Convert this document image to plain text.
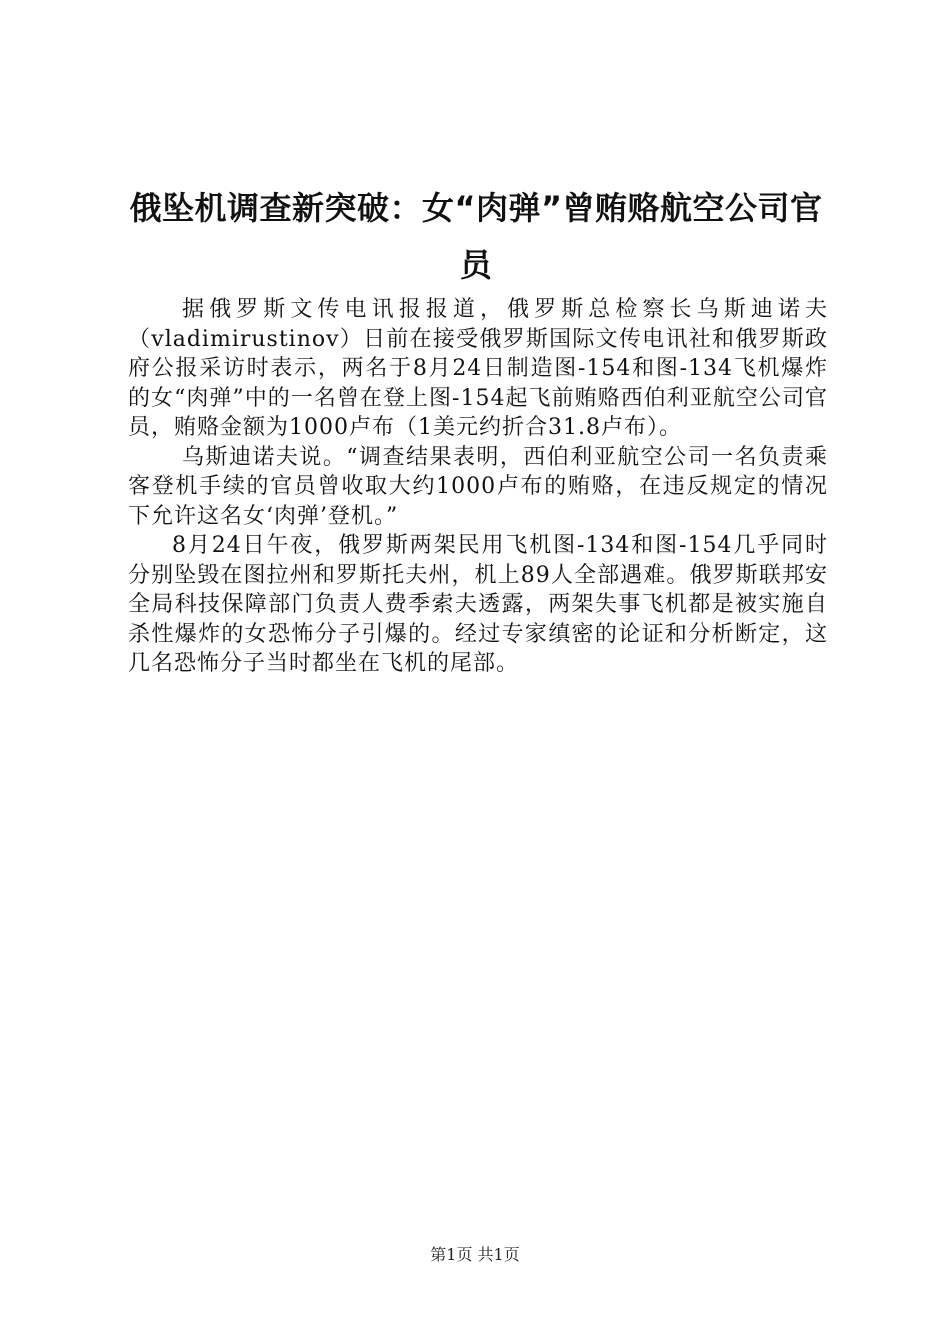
俄坠机调查新突破：女“肉弹”曾贿赂航空公司官员

据俄罗斯文传电讯报报道，俄罗斯总检察长乌斯迪诺夫（vladimirustinov）日前在接受俄罗斯国际文传电讯社和俄罗斯政府公报采访时表示，两名于8月24日制造图-154和图-134飞机爆炸的女“肉弹”中的一名曾在登上图-154起飞前贿赂西伯利亚航空公司官员，贿赂金额为1000卢布（1美元约折合31.8卢布）。

乌斯迪诺夫说。“调查结果表明，西伯利亚航空公司一名负责乘客登机手续的官员曾收取大约1000卢布的贿赂，在违反规定的情况下允许这名女‘肉弹’登机。”

8月24日午夜，俄罗斯两架民用飞机图-134和图-154几乎同时分别坠毁在图拉州和罗斯托夫州，机上89人全部遇难。俄罗斯联邦安全局科技保障部门负责人费季索夫透露，两架失事飞机都是被实施自杀性爆炸的女恐怖分子引爆的。经过专家缜密的论证和分析断定，这几名恐怖分子当时都坐在飞机的尾部。

第1页 共1页
